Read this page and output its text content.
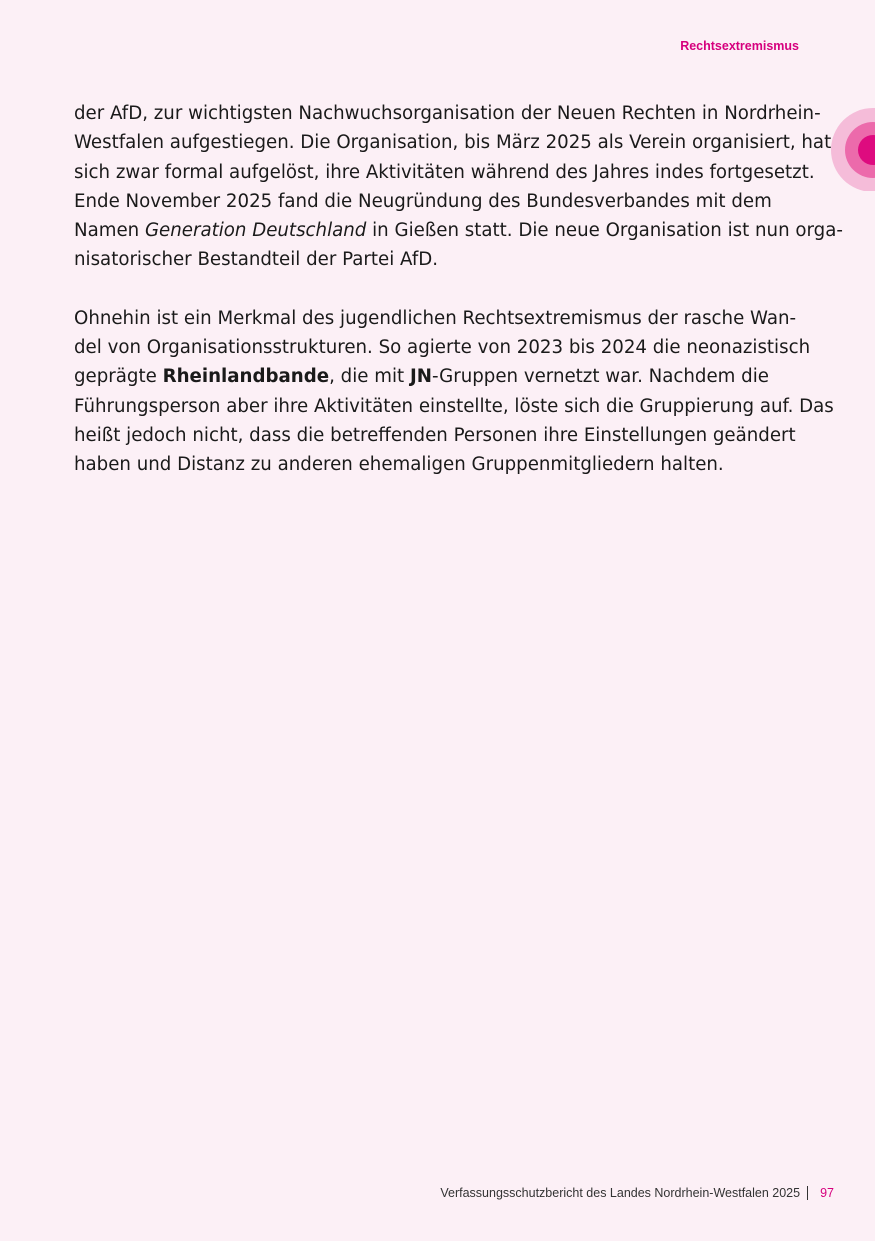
Rechtsextremismus

der AfD, zur wichtigsten Nachwuchsorganisation der Neuen Rechten in Nordrhein-
Westfalen aufgestiegen. Die Organisation, bis März 2025 als Verein organisiert, hat
sich zwar formal aufgelöst, ihre Aktivitäten während des Jahres indes fortgesetzt.
Ende November 2025 fand die Neugründung des Bundesverbandes mit dem
Namen Generation Deutschland in Gießen statt. Die neue Organisation ist nun orga-
nisatorischer Bestandteil der Partei AfD.

Ohnehin ist ein Merkmal des jugendlichen Rechtsextremismus der rasche Wan-
del von Organisationsstrukturen. So agierte von 2023 bis 2024 die neonazistisch
geprägte Rheinlandbande, die mit JN-Gruppen vernetzt war. Nachdem die
Führungsperson aber ihre Aktivitäten einstellte, löste sich die Gruppierung auf. Das
heißt jedoch nicht, dass die betreffenden Personen ihre Einstellungen geändert
haben und Distanz zu anderen ehemaligen Gruppenmitgliedern halten.

Verfassungsschutzbericht des Landes Nordrhein-Westfalen 2025 97
